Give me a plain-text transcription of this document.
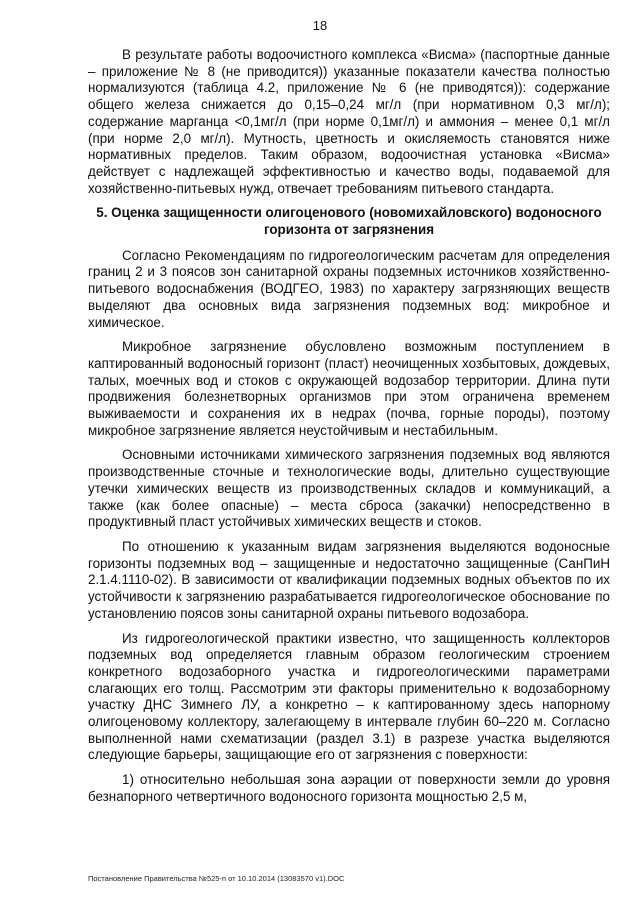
18

В результате работы водоочистного комплекса «Висма» (паспортные данные – приложение № 8 (не приводится)) указанные показатели качества полностью нормализуются (таблица 4.2, приложение № 6 (не приводятся)): содержание общего железа снижается до 0,15–0,24 мг/л (при нормативном 0,3 мг/л); содержание марганца <0,1мг/л (при норме 0,1мг/л) и аммония – менее 0,1 мг/л (при норме 2,0 мг/л). Мутность, цветность и окисляемость становятся ниже нормативных пределов. Таким образом, водоочистная установка «Висма» действует с надлежащей эффективностью и качество воды, подаваемой для хозяйственно-питьевых нужд, отвечает требованиям питьевого стандарта.

5. Оценка защищенности олигоценового (новомихайловского) водоносного горизонта от загрязнения

Согласно Рекомендациям по гидрогеологическим расчетам для определения границ 2 и 3 поясов зон санитарной охраны подземных источников хозяйственно-питьевого водоснабжения (ВОДГЕО, 1983) по характеру загрязняющих веществ выделяют два основных вида загрязнения подземных вод: микробное и химическое.

Микробное загрязнение обусловлено возможным поступлением в каптированный водоносный горизонт (пласт) неочищенных хозбытовых, дождевых, талых, моечных вод и стоков с окружающей водозабор территории. Длина пути продвижения болезнетворных организмов при этом ограничена временем выживаемости и сохранения их в недрах (почва, горные породы), поэтому микробное загрязнение является неустойчивым и нестабильным.

Основными источниками химического загрязнения подземных вод являются производственные сточные и технологические воды, длительно существующие утечки химических веществ из производственных складов и коммуникаций, а также (как более опасные) – места сброса (закачки) непосредственно в продуктивный пласт устойчивых химических веществ и стоков.

По отношению к указанным видам загрязнения выделяются водоносные горизонты подземных вод – защищенные и недостаточно защищенные (СанПиН 2.1.4.1110-02). В зависимости от квалификации подземных водных объектов по их устойчивости к загрязнению разрабатывается гидрогеологическое обоснование по установлению поясов зоны санитарной охраны питьевого водозабора.

Из гидрогеологической практики известно, что защищенность коллекторов подземных вод определяется главным образом геологическим строением конкретного водозаборного участка и гидрогеологическими параметрами слагающих его толщ. Рассмотрим эти факторы применительно к водозаборному участку ДНС Зимнего ЛУ, а конкретно – к каптированному здесь напорному олигоценовому коллектору, залегающему в интервале глубин 60–220 м. Согласно выполненной нами схематизации (раздел 3.1) в разрезе участка выделяются следующие барьеры, защищающие его от загрязнения с поверхности:

1) относительно небольшая зона аэрации от поверхности земли до уровня безнапорного четвертичного водоносного горизонта мощностью 2,5 м,

Постановление Правительства №525-п от 10.10.2014 (13083570 v1).DOC
